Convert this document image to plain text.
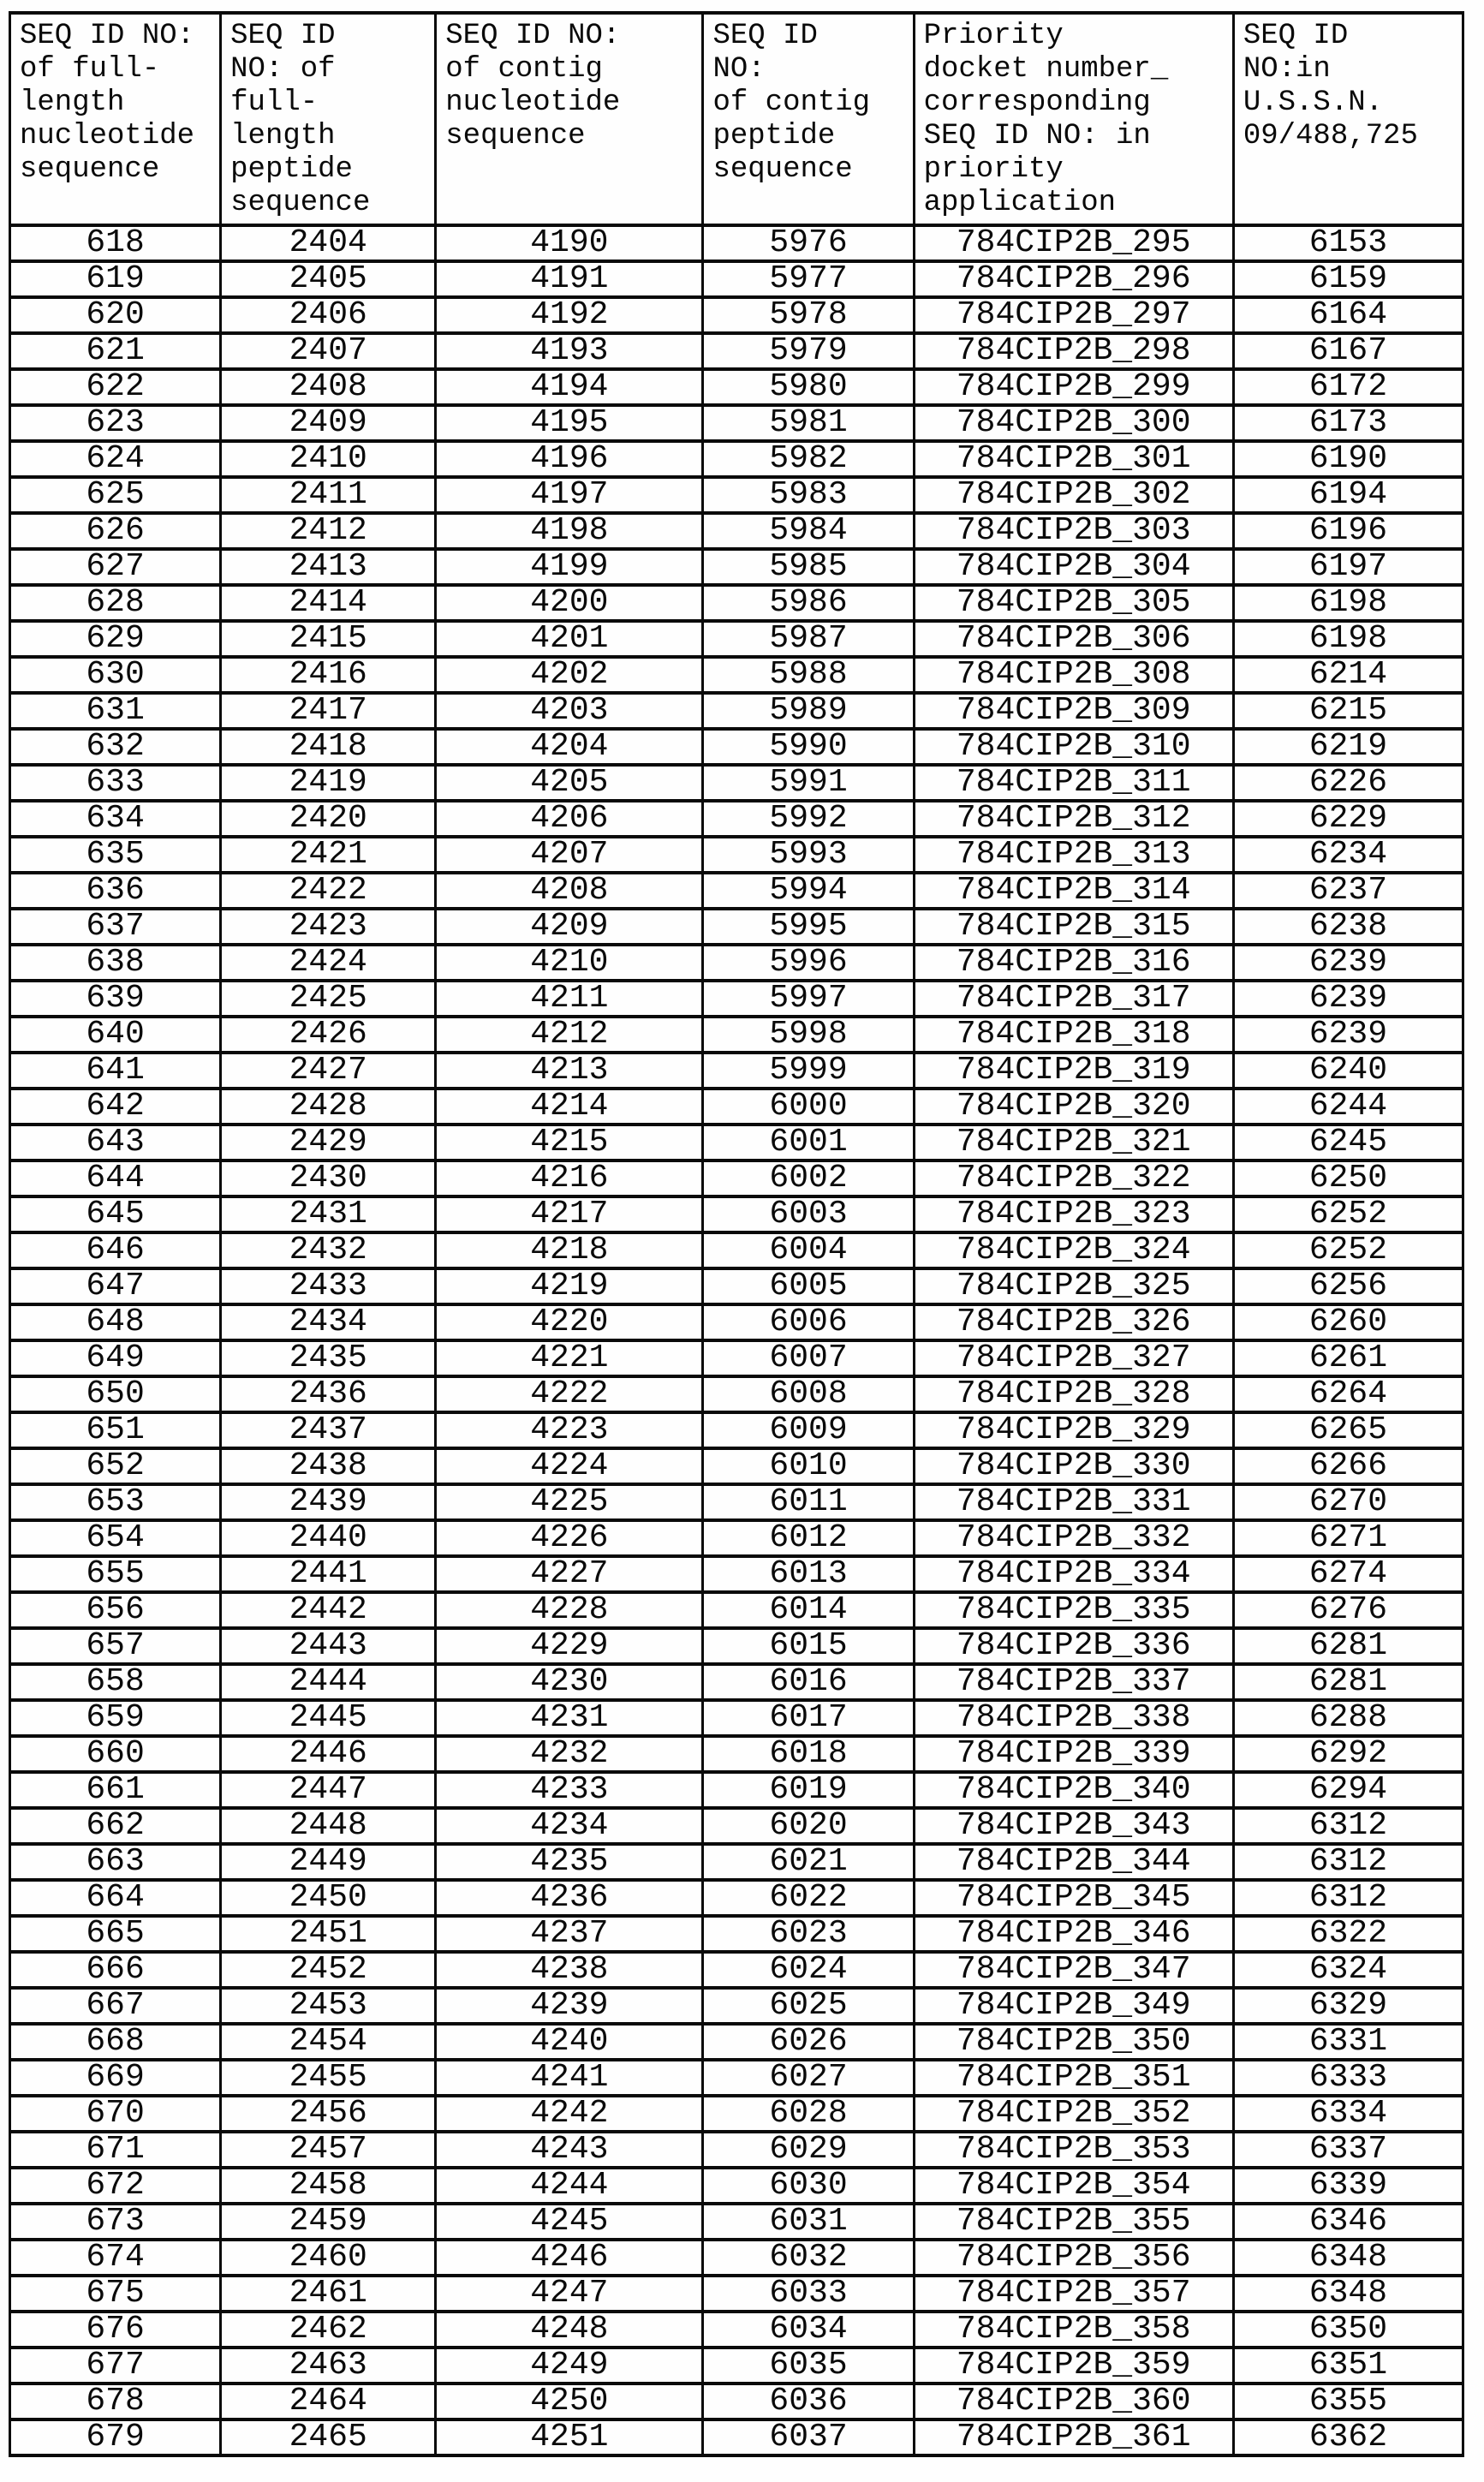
SEQ ID NO:
of full-
length
nucleotide
sequence	SEQ ID
NO: of
full-
length
peptide
sequence	SEQ ID NO:
of contig
nucleotide
sequence	SEQ ID
NO:
of contig
peptide
sequence	Priority
docket number_
corresponding
SEQ ID NO: in
priority
application	SEQ ID
NO:in
U.S.S.N.
09/488,725
618	2404	4190	5976	784CIP2B_295	6153
619	2405	4191	5977	784CIP2B_296	6159
620	2406	4192	5978	784CIP2B_297	6164
621	2407	4193	5979	784CIP2B_298	6167
622	2408	4194	5980	784CIP2B_299	6172
623	2409	4195	5981	784CIP2B_300	6173
624	2410	4196	5982	784CIP2B_301	6190
625	2411	4197	5983	784CIP2B_302	6194
626	2412	4198	5984	784CIP2B_303	6196
627	2413	4199	5985	784CIP2B_304	6197
628	2414	4200	5986	784CIP2B_305	6198
629	2415	4201	5987	784CIP2B_306	6198
630	2416	4202	5988	784CIP2B_308	6214
631	2417	4203	5989	784CIP2B_309	6215
632	2418	4204	5990	784CIP2B_310	6219
633	2419	4205	5991	784CIP2B_311	6226
634	2420	4206	5992	784CIP2B_312	6229
635	2421	4207	5993	784CIP2B_313	6234
636	2422	4208	5994	784CIP2B_314	6237
637	2423	4209	5995	784CIP2B_315	6238
638	2424	4210	5996	784CIP2B_316	6239
639	2425	4211	5997	784CIP2B_317	6239
640	2426	4212	5998	784CIP2B_318	6239
641	2427	4213	5999	784CIP2B_319	6240
642	2428	4214	6000	784CIP2B_320	6244
643	2429	4215	6001	784CIP2B_321	6245
644	2430	4216	6002	784CIP2B_322	6250
645	2431	4217	6003	784CIP2B_323	6252
646	2432	4218	6004	784CIP2B_324	6252
647	2433	4219	6005	784CIP2B_325	6256
648	2434	4220	6006	784CIP2B_326	6260
649	2435	4221	6007	784CIP2B_327	6261
650	2436	4222	6008	784CIP2B_328	6264
651	2437	4223	6009	784CIP2B_329	6265
652	2438	4224	6010	784CIP2B_330	6266
653	2439	4225	6011	784CIP2B_331	6270
654	2440	4226	6012	784CIP2B_332	6271
655	2441	4227	6013	784CIP2B_334	6274
656	2442	4228	6014	784CIP2B_335	6276
657	2443	4229	6015	784CIP2B_336	6281
658	2444	4230	6016	784CIP2B_337	6281
659	2445	4231	6017	784CIP2B_338	6288
660	2446	4232	6018	784CIP2B_339	6292
661	2447	4233	6019	784CIP2B_340	6294
662	2448	4234	6020	784CIP2B_343	6312
663	2449	4235	6021	784CIP2B_344	6312
664	2450	4236	6022	784CIP2B_345	6312
665	2451	4237	6023	784CIP2B_346	6322
666	2452	4238	6024	784CIP2B_347	6324
667	2453	4239	6025	784CIP2B_349	6329
668	2454	4240	6026	784CIP2B_350	6331
669	2455	4241	6027	784CIP2B_351	6333
670	2456	4242	6028	784CIP2B_352	6334
671	2457	4243	6029	784CIP2B_353	6337
672	2458	4244	6030	784CIP2B_354	6339
673	2459	4245	6031	784CIP2B_355	6346
674	2460	4246	6032	784CIP2B_356	6348
675	2461	4247	6033	784CIP2B_357	6348
676	2462	4248	6034	784CIP2B_358	6350
677	2463	4249	6035	784CIP2B_359	6351
678	2464	4250	6036	784CIP2B_360	6355
679	2465	4251	6037	784CIP2B_361	6362
